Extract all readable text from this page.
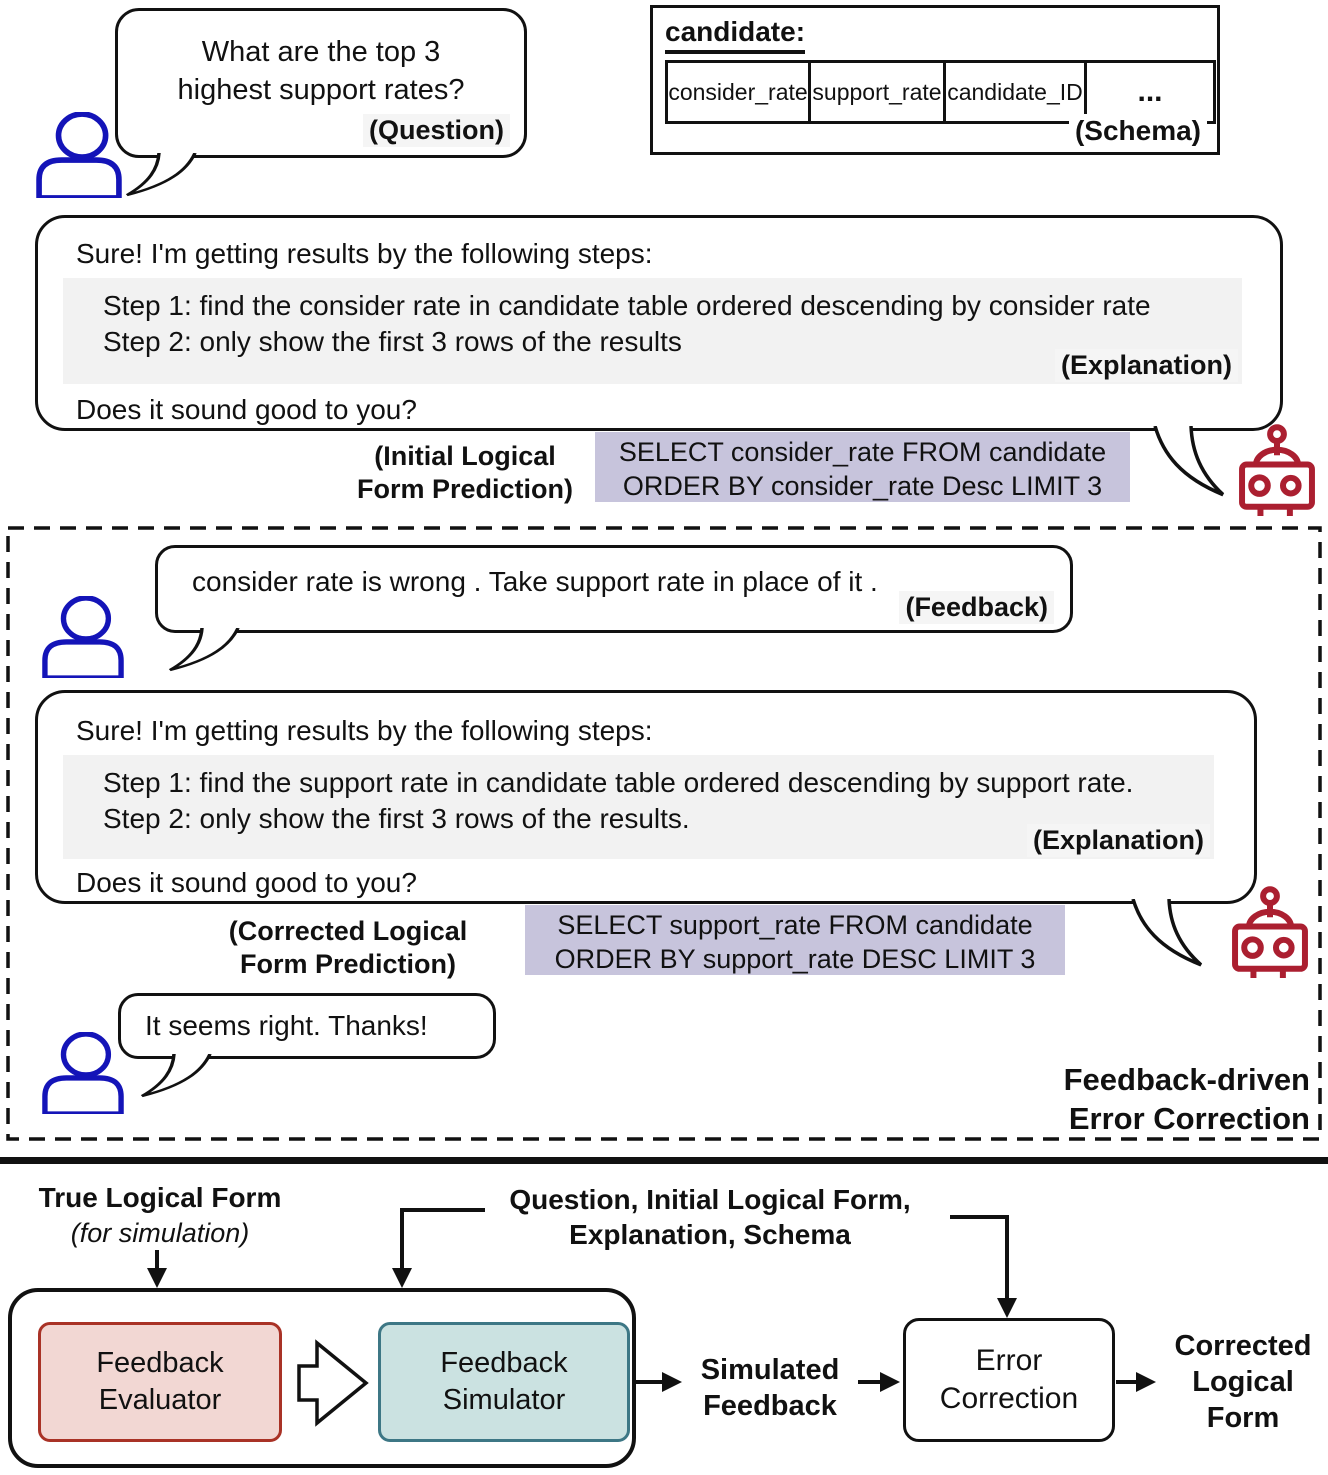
What are the top 3
highest support rates?
(Question)
candidate:
consider_rate support_rate candidate_ID	...
(Schema)
Sure! I'm getting results by the following steps:
Step 1: find the consider rate in candidate table ordered descending by consider rate
Step 2: only show the first 3 rows of the results
(Explanation)
Does it sound good to you?
(Initial Logical
Form Prediction)
SELECT consider_rate FROM candidate
ORDER BY consider_rate Desc LIMIT 3
consider rate is wrong . Take support rate in place of it .
(Feedback)
Sure! I'm getting results by the following steps:
Step 1: find the support rate in candidate table ordered descending by support rate.
Step 2: only show the first 3 rows of the results.
(Explanation)
Does it sound good to you?
(Corrected Logical
Form Prediction)
SELECT support_rate FROM candidate
ORDER BY support_rate DESC LIMIT 3
It seems right. Thanks!
Feedback-driven
Error Correction
True Logical Form
(for simulation)
Question, Initial Logical Form,
Explanation, Schema
Feedback
Evaluator
Feedback
Simulator
Simulated
Feedback
Error
Correction
Corrected
Logical
Form
